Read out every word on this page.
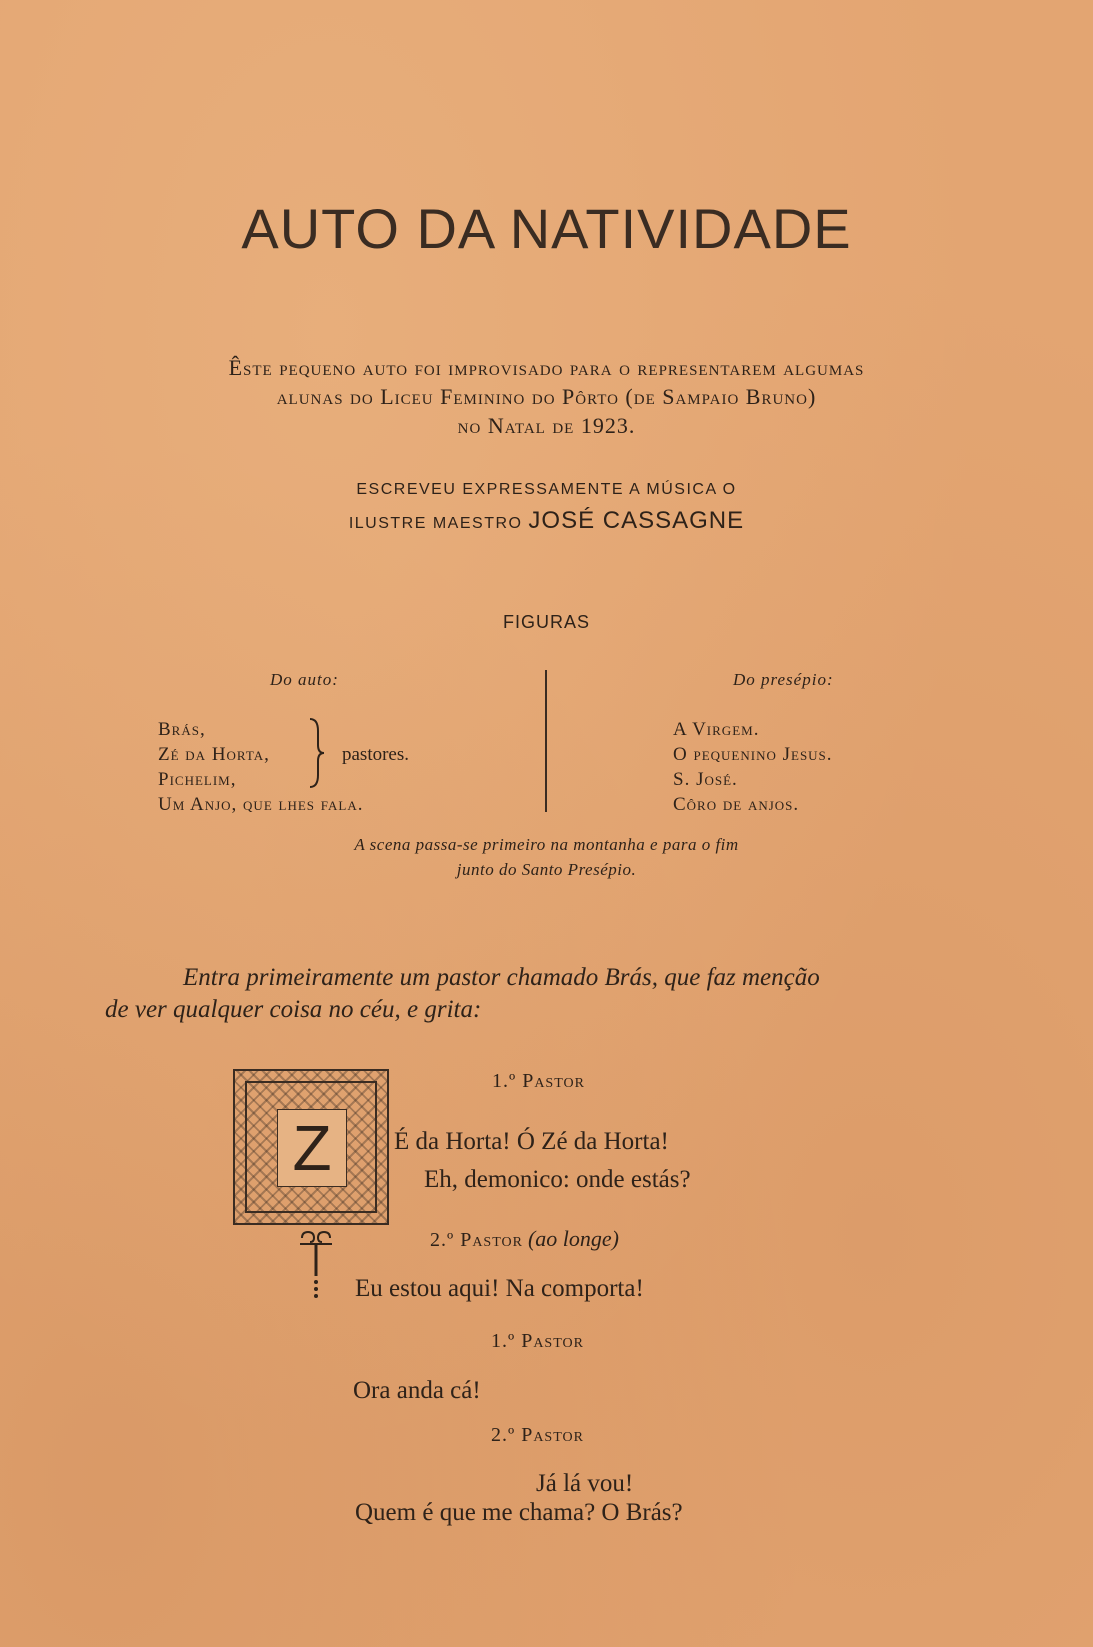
AUTO DA NATIVIDADE
Êste pequeno auto foi improvisado para o representarem algumas
alunas do Liceu Feminino do Pôrto (de Sampaio Bruno)
no Natal de 1923.
ESCREVEU EXPRESSAMENTE A MÚSICA O
ILUSTRE MAESTRO JOSÉ CASSAGNE
FIGURAS
Do auto:	Do presépio:
Brás,
Zé da Horta,
Pichelim,
Um Anjo, que lhes fala.
pastores.
A Virgem.
O pequenino Jesus.
S. José.
Côro de anjos.
A scena passa-se primeiro na montanha e para o fim
junto do Santo Presépio.
Entra primeiramente um pastor chamado Brás, que faz menção
de ver qualquer coisa no céu, e grita:
Z
1.º Pastor
É da Horta! Ó Zé da Horta!
Eh, demonico: onde estás?
2.º Pastor (ao longe)
Eu estou aqui! Na comporta!
1.º Pastor
Ora anda cá!
2.º Pastor
Já lá vou!
Quem é que me chama? O Brás?
